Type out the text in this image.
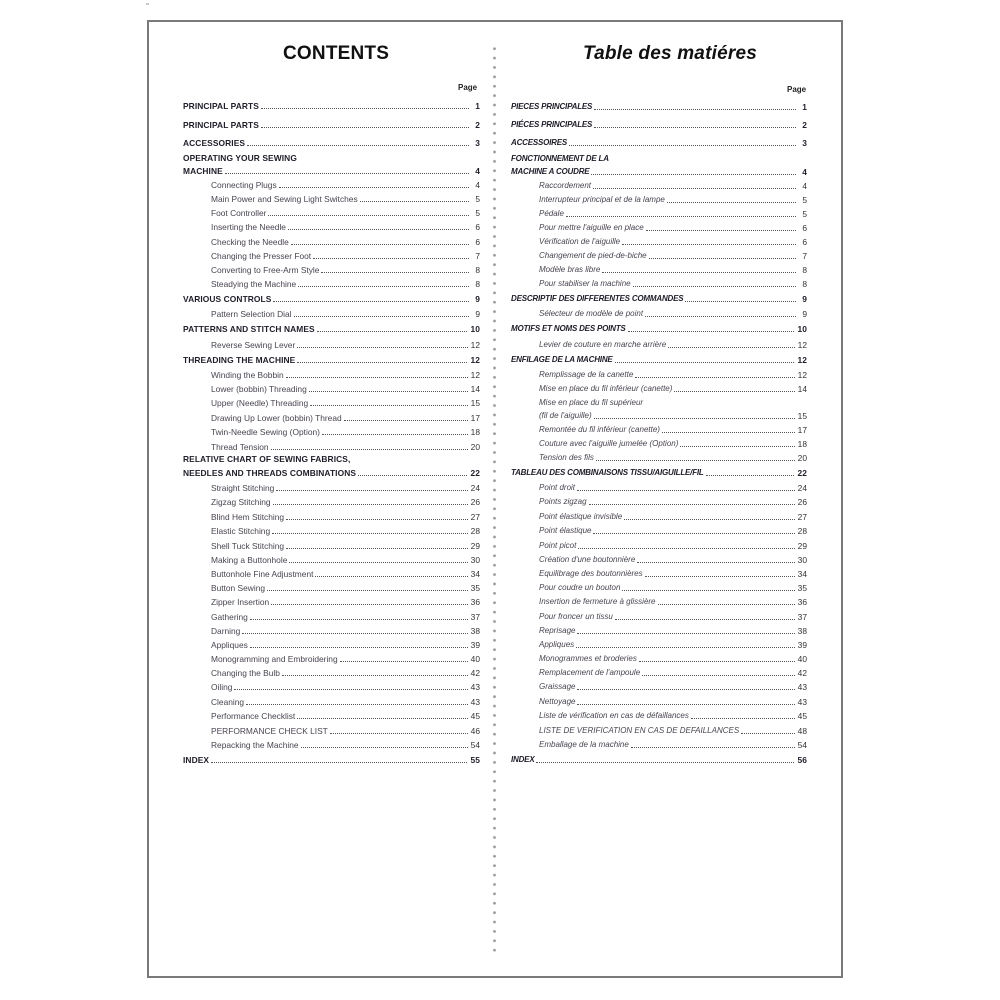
CONTENTS	Table des matiéres
Page	Page
PRINCIPAL PARTS	1
PRINCIPAL PARTS	2
ACCESSORIES	3
OPERATING YOUR SEWING
MACHINE	4
Connecting Plugs	4
Main Power and Sewing Light Switches	5
Foot Controller	5
Inserting the Needle	6
Checking the Needle	6
Changing the Presser Foot	7
Converting to Free-Arm Style	8
Steadying the Machine	8
VARIOUS CONTROLS	9
Pattern Selection Dial	9
PATTERNS AND STITCH NAMES	10
Reverse Sewing Lever	12
THREADING THE MACHINE	12
Winding the Bobbin	12
Lower (bobbin) Threading	14
Upper (Needle) Threading	15
Drawing Up Lower (bobbin) Thread	17
Twin-Needle Sewing (Option)	18
Thread Tension	20
RELATIVE CHART OF SEWING FABRICS,
NEEDLES AND THREADS COMBINATIONS	22
Straight Stitching	24
Zigzag Stitching	26
Blind Hem Stitching	27
Elastic Stitching	28
Shell Tuck Stitching	29
Making a Buttonhole	30
Buttonhole Fine Adjustment	34
Button Sewing	35
Zipper Insertion	36
Gathering	37
Darning	38
Appliques	39
Monogramming and Embroidering	40
Changing the Bulb	42
Oiling	43
Cleaning	43
Performance Checklist	45
PERFORMANCE CHECK LIST	46
Repacking the Machine	54
INDEX	55
PIECES PRINCIPALES	1
PIÉCES PRINCIPALES	2
ACCESSOIRES	3
FONCTIONNEMENT DE LA
MACHINE A COUDRE	4
Raccordement	4
Interrupteur principal et de la lampe	5
Pédale	5
Pour mettre l'aiguille en place	6
Vérification de l'aiguille	6
Changement de pied-de-biche	7
Modèle bras libre	8
Pour stabiliser la machine	8
DESCRIPTIF DES DIFFERENTES COMMANDES	9
Sélecteur de modèle de point	9
MOTIFS ET NOMS DES POINTS	10
Levier de couture en marche arrière	12
ENFILAGE DE LA MACHINE	12
Remplissage de la canette	12
Mise en place du fil inférieur (canette)	14
Mise en place du fil supérieur
(fil de l'aiguille)	15
Remontée du fil inférieur (canette)	17
Couture avec l'aiguille jumelée (Option)	18
Tension des fils	20
TABLEAU DES COMBINAISONS TISSU/AIGUILLE/FIL	22
Point droit	24
Points zigzag	26
Point élastique invisible	27
Point élastique	28
Point picot	29
Création d'une boutonnière	30
Equilibrage des boutonnières	34
Pour coudre un bouton	35
Insertion de fermeture à glissière	36
Pour froncer un tissu	37
Reprisage	38
Appliques	39
Monogrammes et broderies	40
Remplacement de l'ampoule	42
Graissage	43
Nettoyage	43
Liste de vérification en cas de défaillances	45
LISTE DE VERIFICATION EN CAS DE DEFAILLANCES	48
Emballage de la machine	54
INDEX	56
